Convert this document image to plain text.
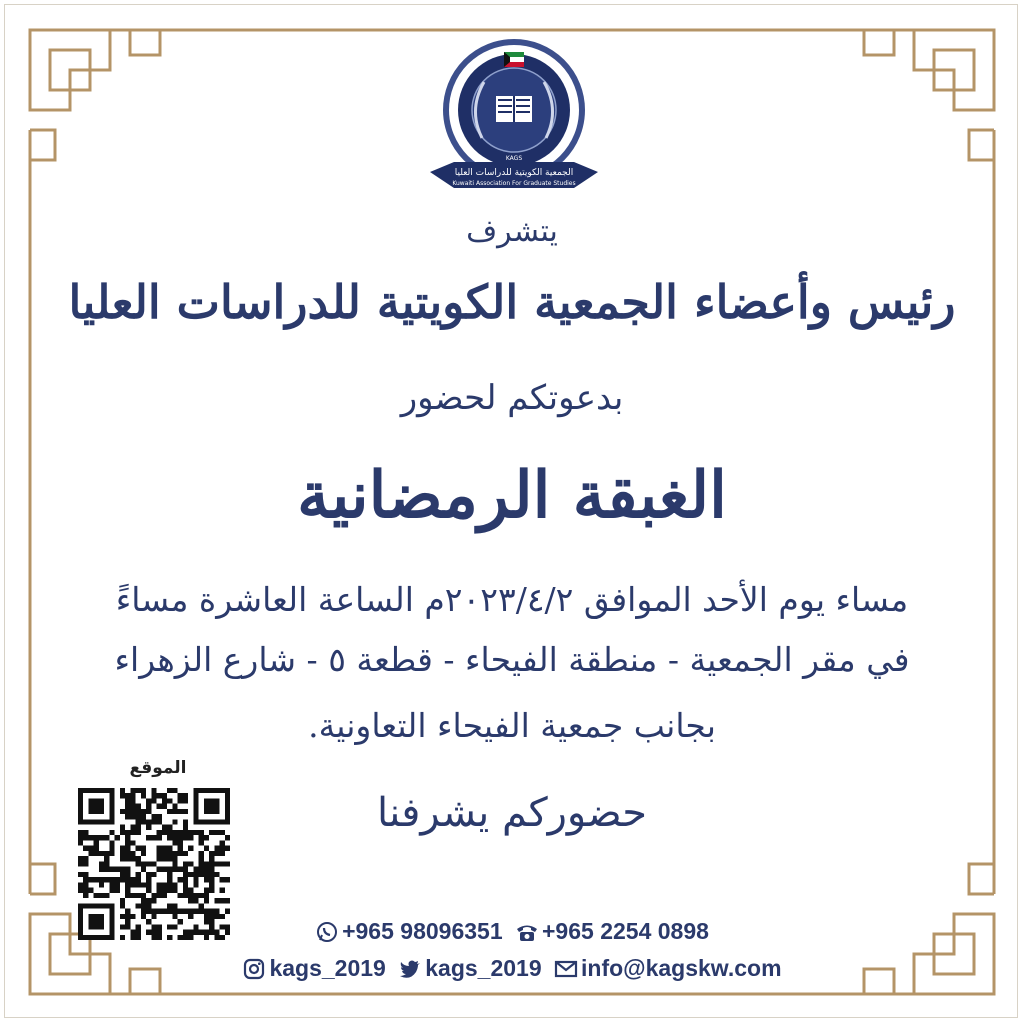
الجمعية الكويتية للدراسات العليا
Kuwaiti Association For Graduate Studies
KAGS
يتشرف
رئيس وأعضاء الجمعية الكويتية للدراسات العليا
بدعوتكم لحضور
الغبقة الرمضانية
مساء يوم الأحد الموافق ٢٠٢٣/٤/٢م الساعة العاشرة مساءً
في مقر الجمعية - منطقة الفيحاء - قطعة ٥ - شارع الزهراء
بجانب جمعية الفيحاء التعاونية.
حضوركم يشرفنا
الموقع
+965 98096351
+965 2254 0898
kags_2019
kags_2019
info@kagskw.com
